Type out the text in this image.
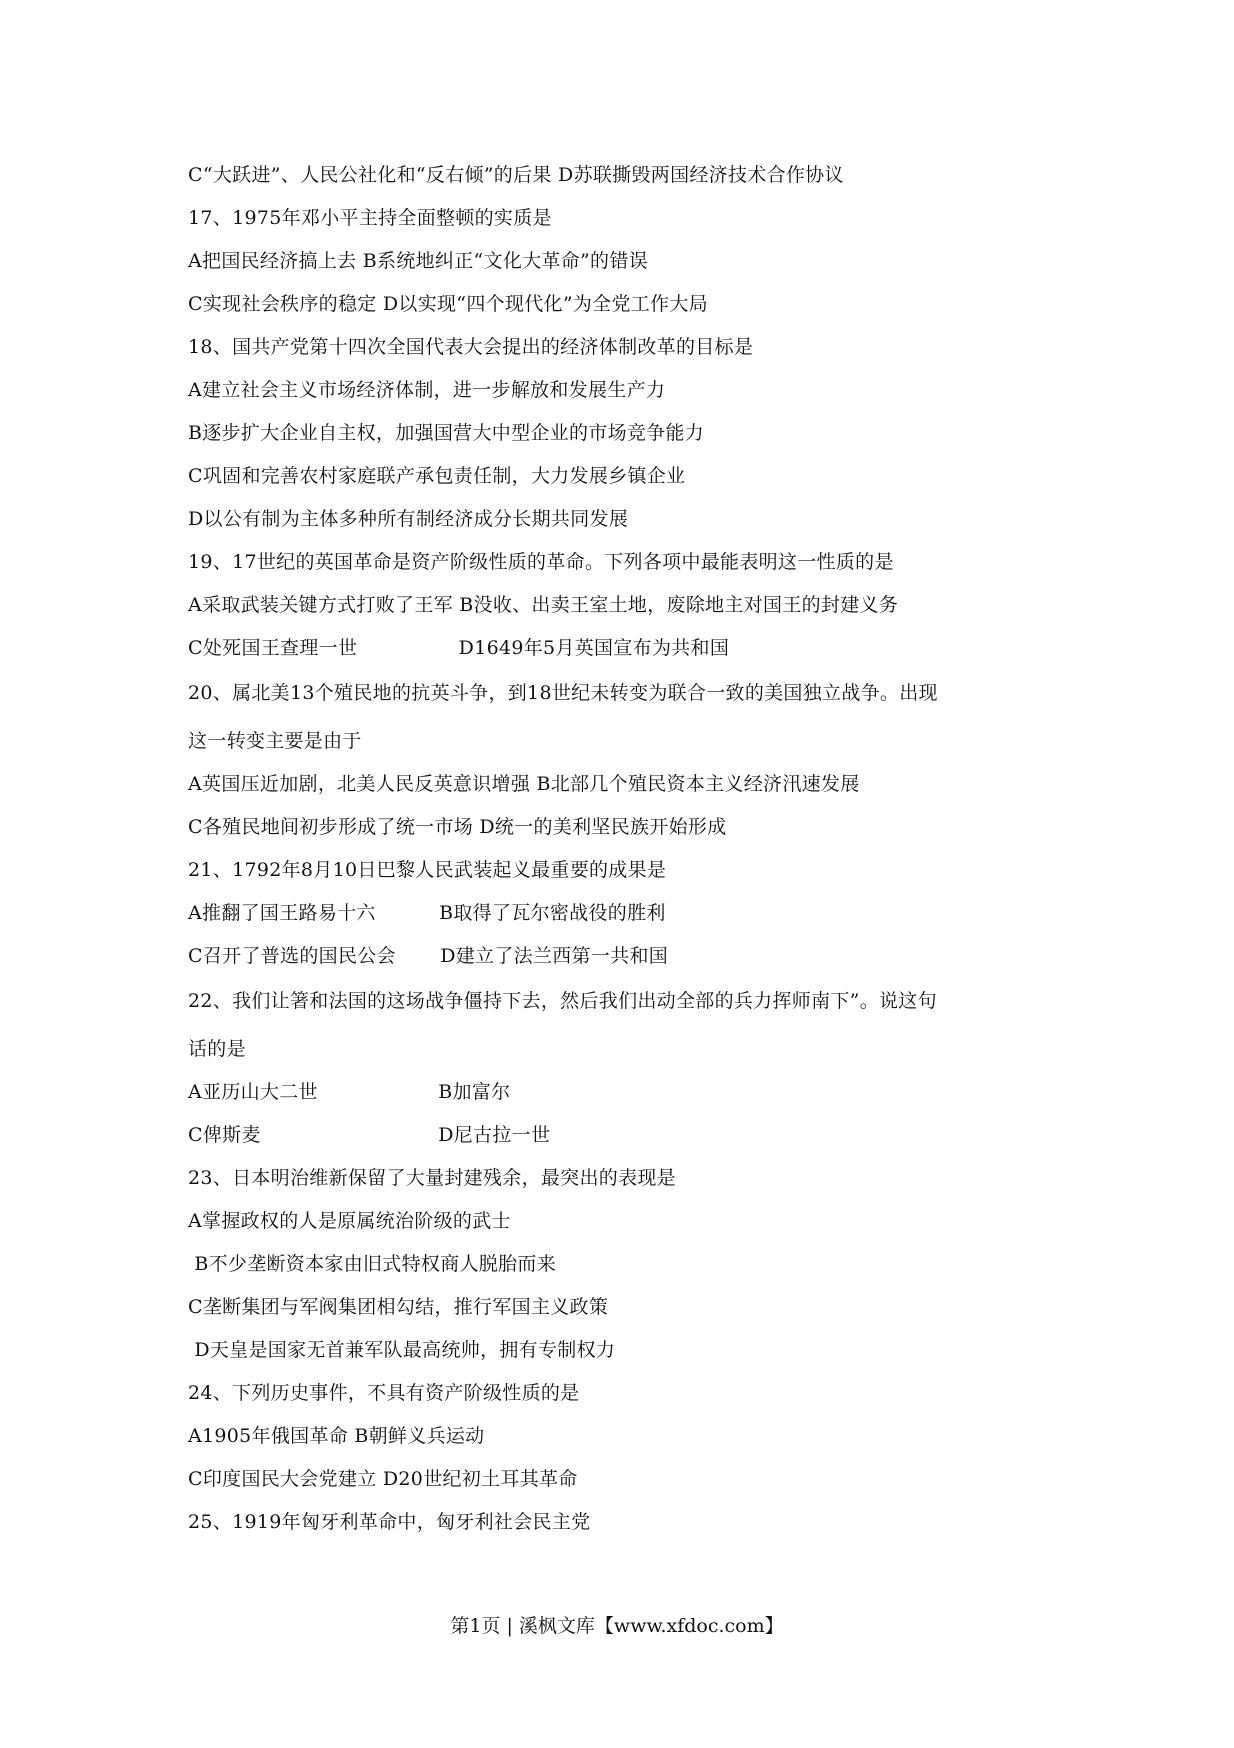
C“大跃进”、人民公社化和“反右倾”的后果 D苏联撕毁两国经济技术合作协议
17、1975年邓小平主持全面整顿的实质是
A把国民经济搞上去 B系统地纠正“文化大革命”的错误
C实现社会秩序的稳定 D以实现“四个现代化”为全党工作大局
18、国共产党第十四次全国代表大会提出的经济体制改革的目标是
A建立社会主义市场经济体制，进一步解放和发展生产力
B逐步扩大企业自主权，加强国营大中型企业的市场竞争能力
C巩固和完善农村家庭联产承包责任制，大力发展乡镇企业
D以公有制为主体多种所有制经济成分长期共同发展
19、17世纪的英国革命是资产阶级性质的革命。下列各项中最能表明这一性质的是
A采取武装关键方式打败了王军 B没收、出卖王室土地，废除地主对国王的封建义务
C处死国王查理一世                D1649年5月英国宣布为共和国
20、属北美13个殖民地的抗英斗争，到18世纪未转变为联合一致的美国独立战争。出现
这一转变主要是由于
A英国压近加剧，北美人民反英意识增强 B北部几个殖民资本主义经济汛速发展
C各殖民地间初步形成了统一市场 D统一的美利坚民族开始形成
21、1792年8月10日巴黎人民武装起义最重要的成果是
A推翻了国王路易十六          B取得了瓦尔密战役的胜利
C召开了普选的国民公会       D建立了法兰西第一共和国
22、我们让箸和法国的这场战争僵持下去，然后我们出动全部的兵力挥师南下”。说这句
话的是
A亚历山大二世                   B加富尔
C俾斯麦                            D尼古拉一世
23、日本明治维新保留了大量封建残余，最突出的表现是
A掌握政权的人是原属统治阶级的武士
B不少垄断资本家由旧式特权商人脱胎而来
C垄断集团与军阀集团相勾结，推行军国主义政策
D天皇是国家无首兼军队最高统帅，拥有专制权力
24、下列历史事件，不具有资产阶级性质的是
A1905年俄国革命 B朝鲜义兵运动
C印度国民大会党建立 D20世纪初土耳其革命
25、1919年匈牙利革命中，匈牙利社会民主党
第1页 | 溪枫文库【www.xfdoc.com】
